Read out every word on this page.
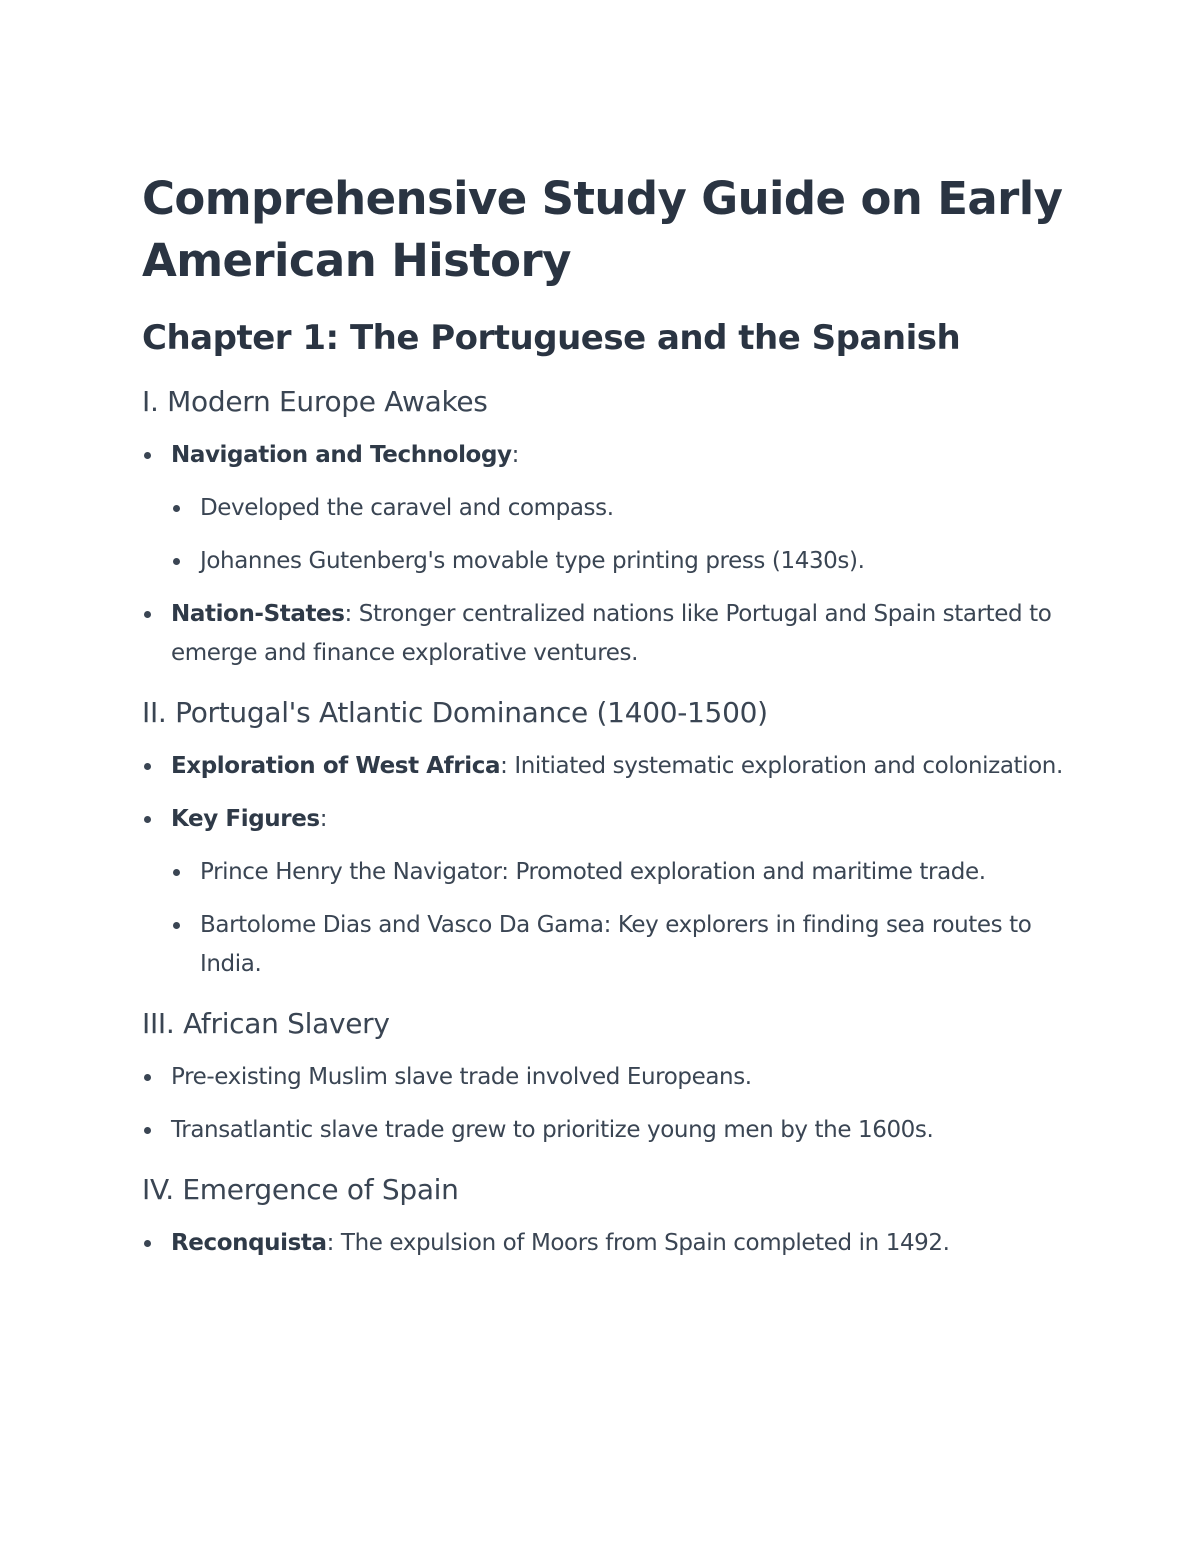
Comprehensive Study Guide on Early American History
Chapter 1: The Portuguese and the Spanish
I. Modern Europe Awakes
Navigation and Technology:
Developed the caravel and compass.
Johannes Gutenberg's movable type printing press (1430s).
Nation-States: Stronger centralized nations like Portugal and Spain started to emerge and finance explorative ventures.
II. Portugal's Atlantic Dominance (1400-1500)
Exploration of West Africa: Initiated systematic exploration and colonization.
Key Figures:
Prince Henry the Navigator: Promoted exploration and maritime trade.
Bartolome Dias and Vasco Da Gama: Key explorers in finding sea routes to India.
III. African Slavery
Pre-existing Muslim slave trade involved Europeans.
Transatlantic slave trade grew to prioritize young men by the 1600s.
IV. Emergence of Spain
Reconquista: The expulsion of Moors from Spain completed in 1492.
